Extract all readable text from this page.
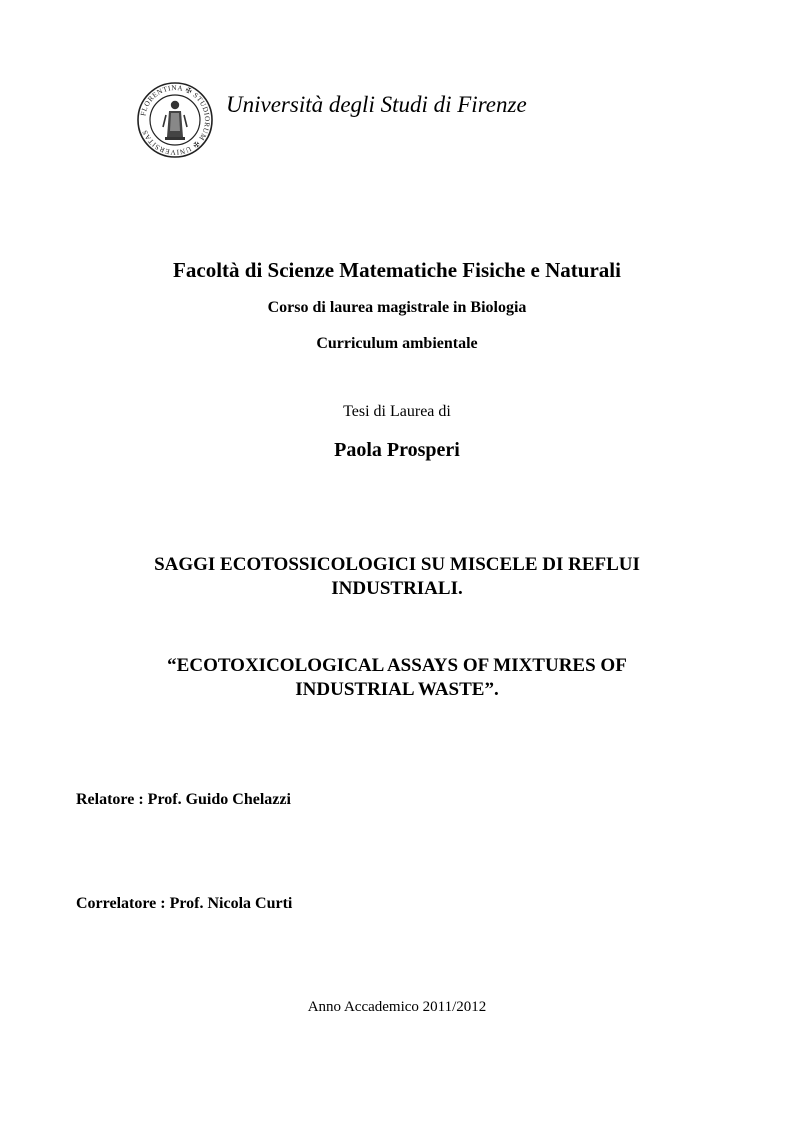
FLORENTINA ✠ STUDIORUM ✠ UNIVERSITAS
Università degli Studi di Firenze
Facoltà di Scienze Matematiche Fisiche e Naturali
Corso di laurea magistrale in Biologia
Curriculum ambientale
Tesi di Laurea di
Paola Prosperi
SAGGI ECOTOSSICOLOGICI SU MISCELE DI REFLUI
INDUSTRIALI.
“ECOTOXICOLOGICAL ASSAYS OF MIXTURES OF
INDUSTRIAL WASTE”.
Relatore : Prof. Guido Chelazzi
Correlatore : Prof. Nicola Curti
Anno Accademico 2011/2012
